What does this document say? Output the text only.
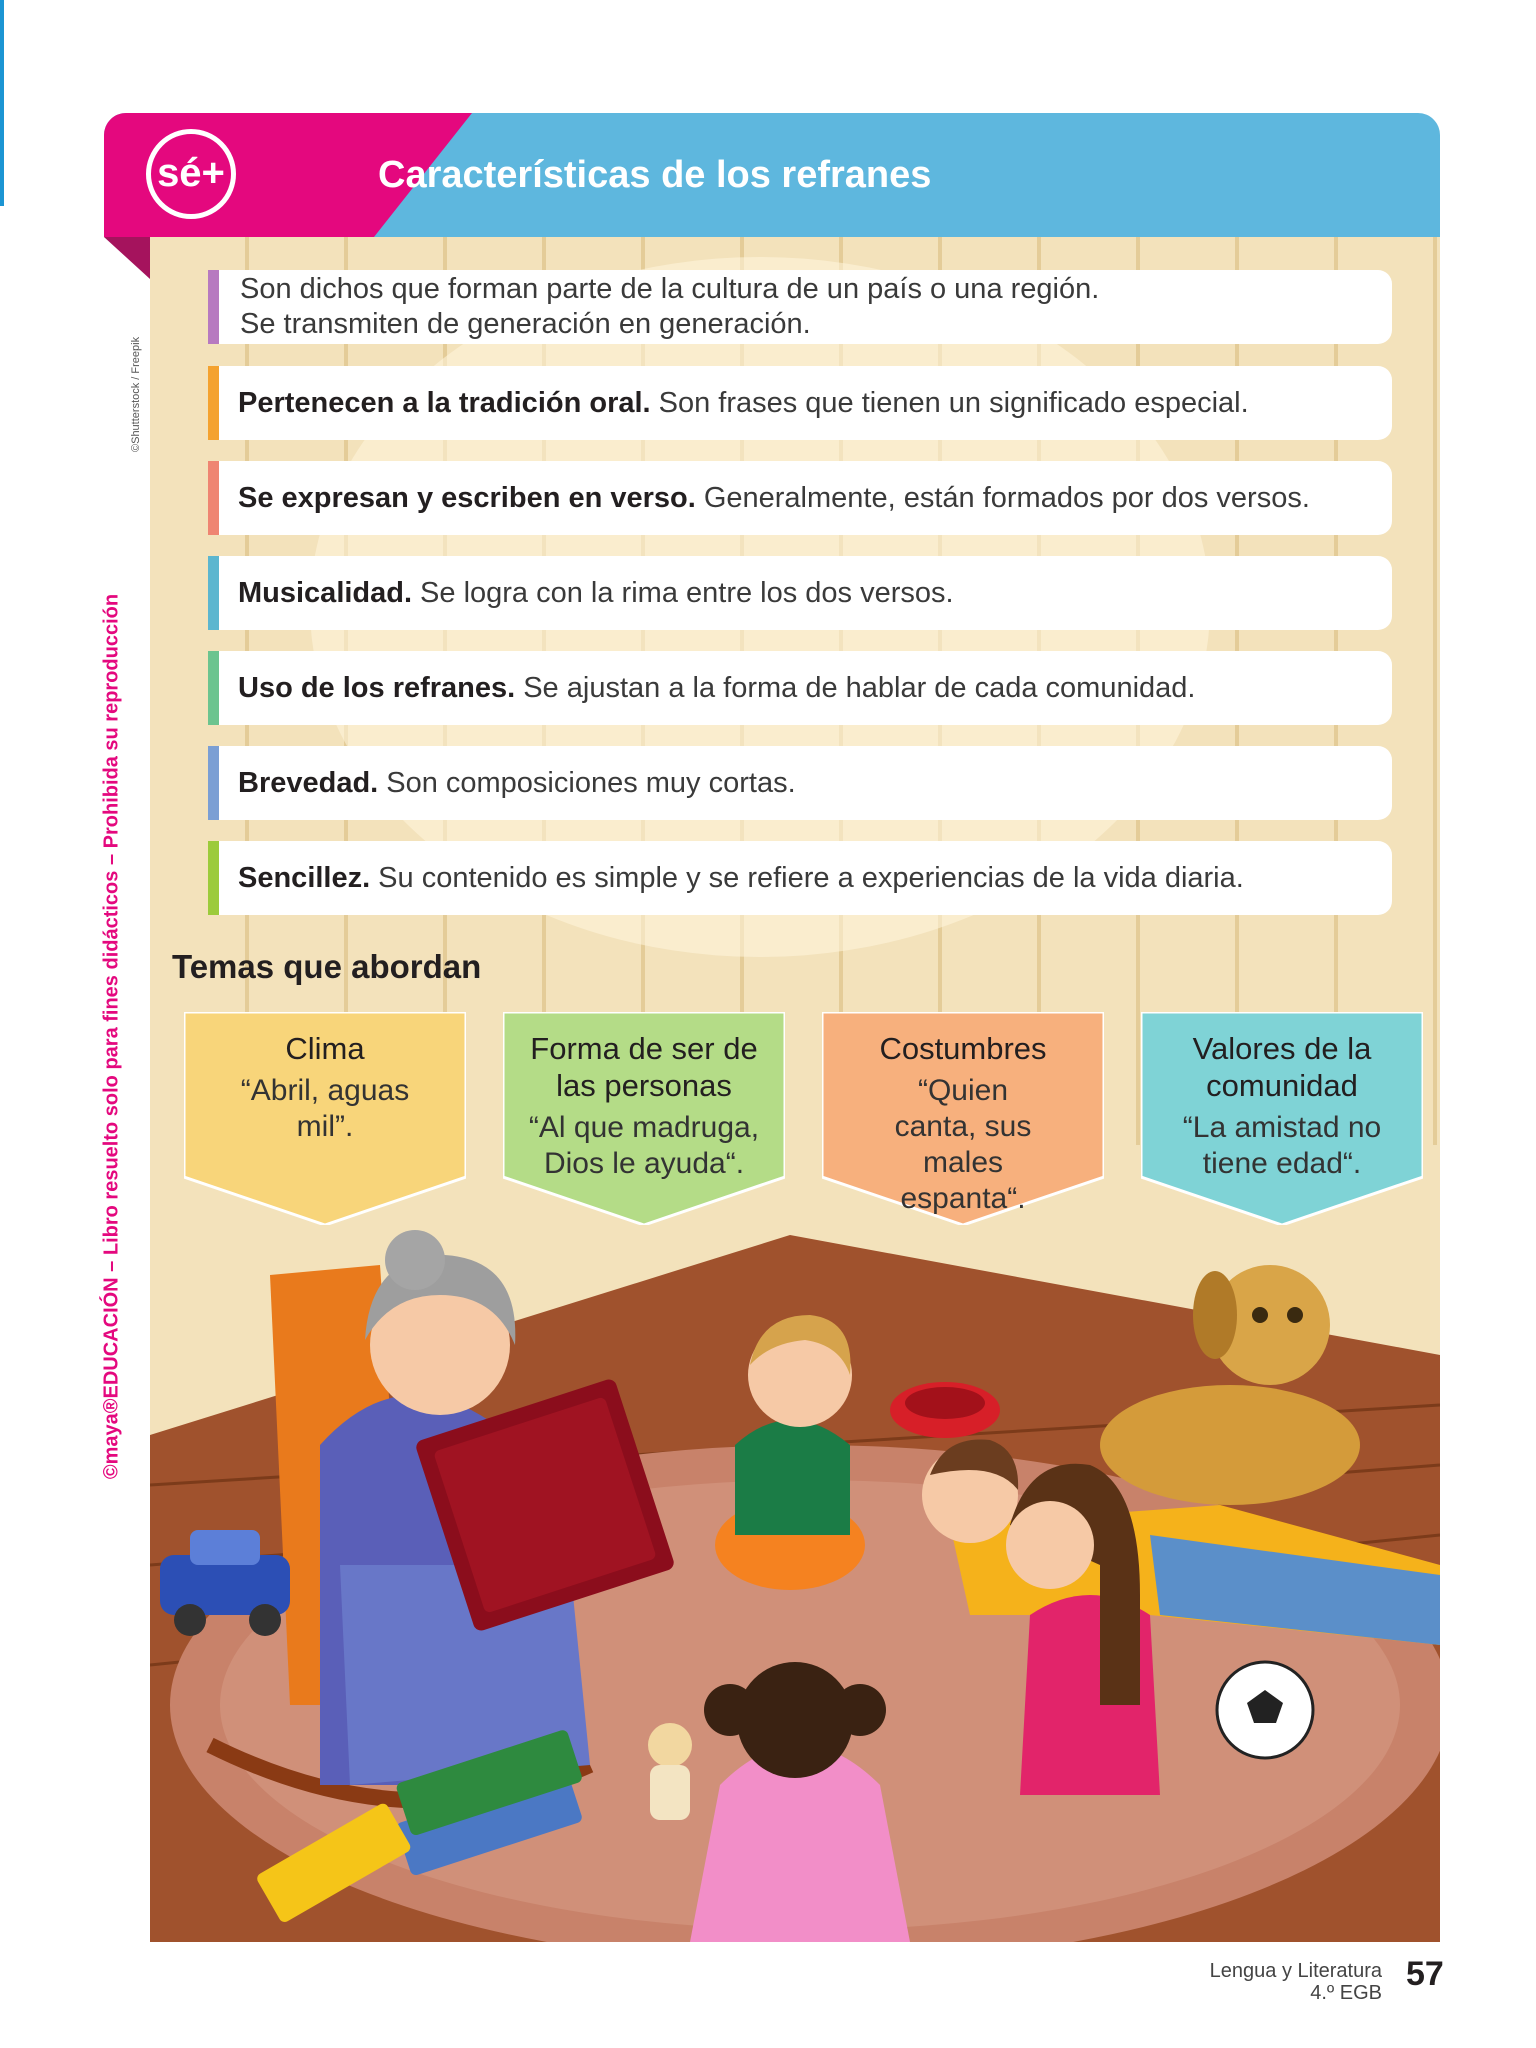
sé+	Características de los refranes
©Shutterstock / Freepik
©maya®EDUCACIÓN – Libro resuelto solo para fines didácticos – Prohibida su reproducción
Son dichos que forman parte de la cultura de un país o una región.
Se transmiten de generación en generación.
Pertenecen a la tradición oral. Son frases que tienen un significado especial.
Se expresan y escriben en verso. Generalmente, están formados por dos versos.
Musicalidad. Se logra con la rima entre los dos versos.
Uso de los refranes. Se ajustan a la forma de hablar de cada comunidad.
Brevedad. Son composiciones muy cortas.
Sencillez. Su contenido es simple y se refiere a experiencias de la vida diaria.
Temas que abordan
Clima
“Abril, aguas mil”.
Forma de ser de las personas
“Al que madruga, Dios le ayuda“.
Costumbres
“Quien canta, sus males espanta“.
Valores de la comunidad
“La amistad no tiene edad“.
Lengua y Literatura
4.º EGB 57
